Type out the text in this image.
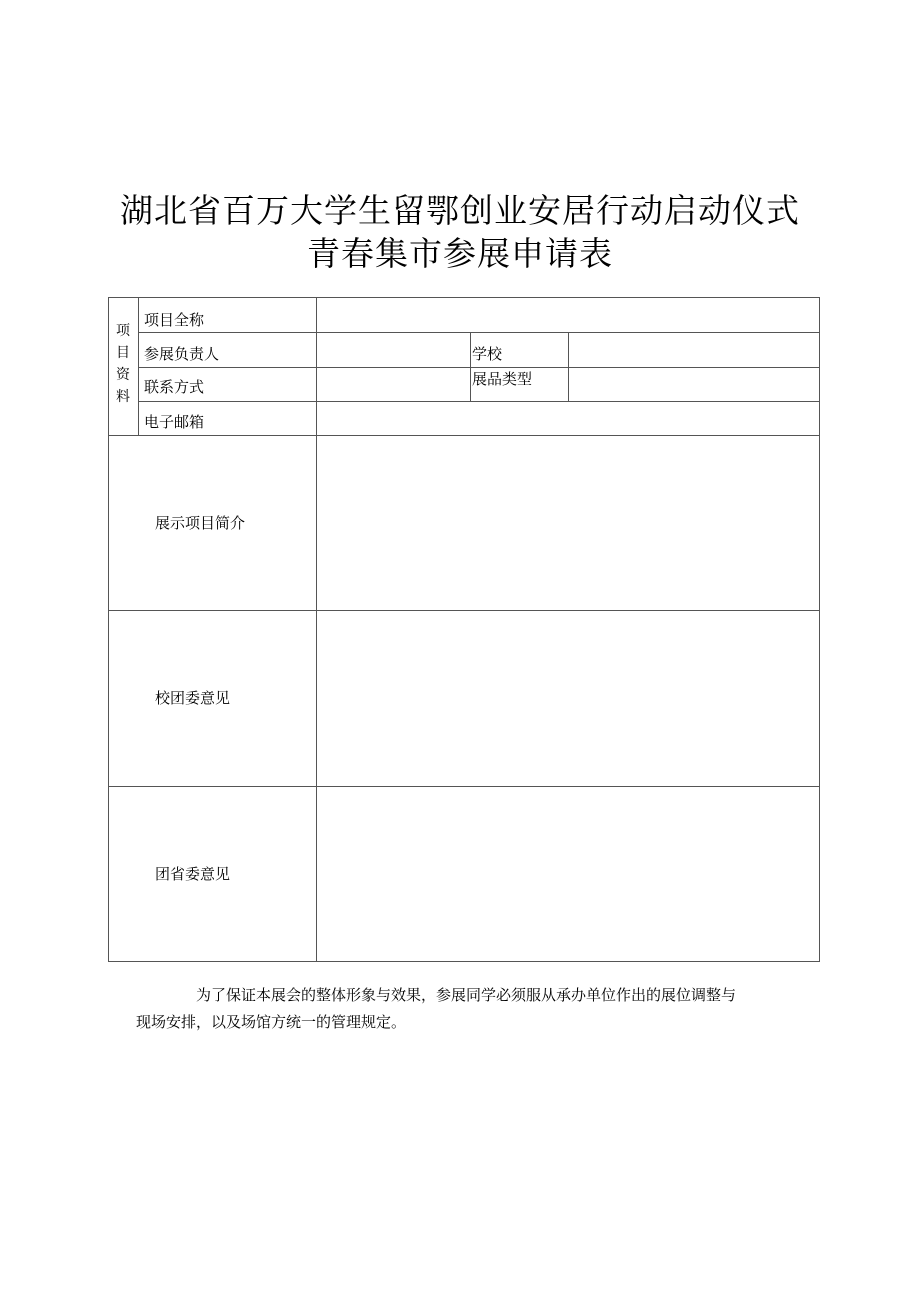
湖北省百万大学生留鄂创业安居行动启动仪式
青春集市参展申请表
项
目
资
料
项目全称
参展负责人	学校
联系方式	展品类型
电子邮箱
展示项目简介
校团委意见
团省委意见
为了保证本展会的整体形象与效果，参展同学必须服从承办单位作出的展位调整与
现场安排，以及场馆方统一的管理规定。
